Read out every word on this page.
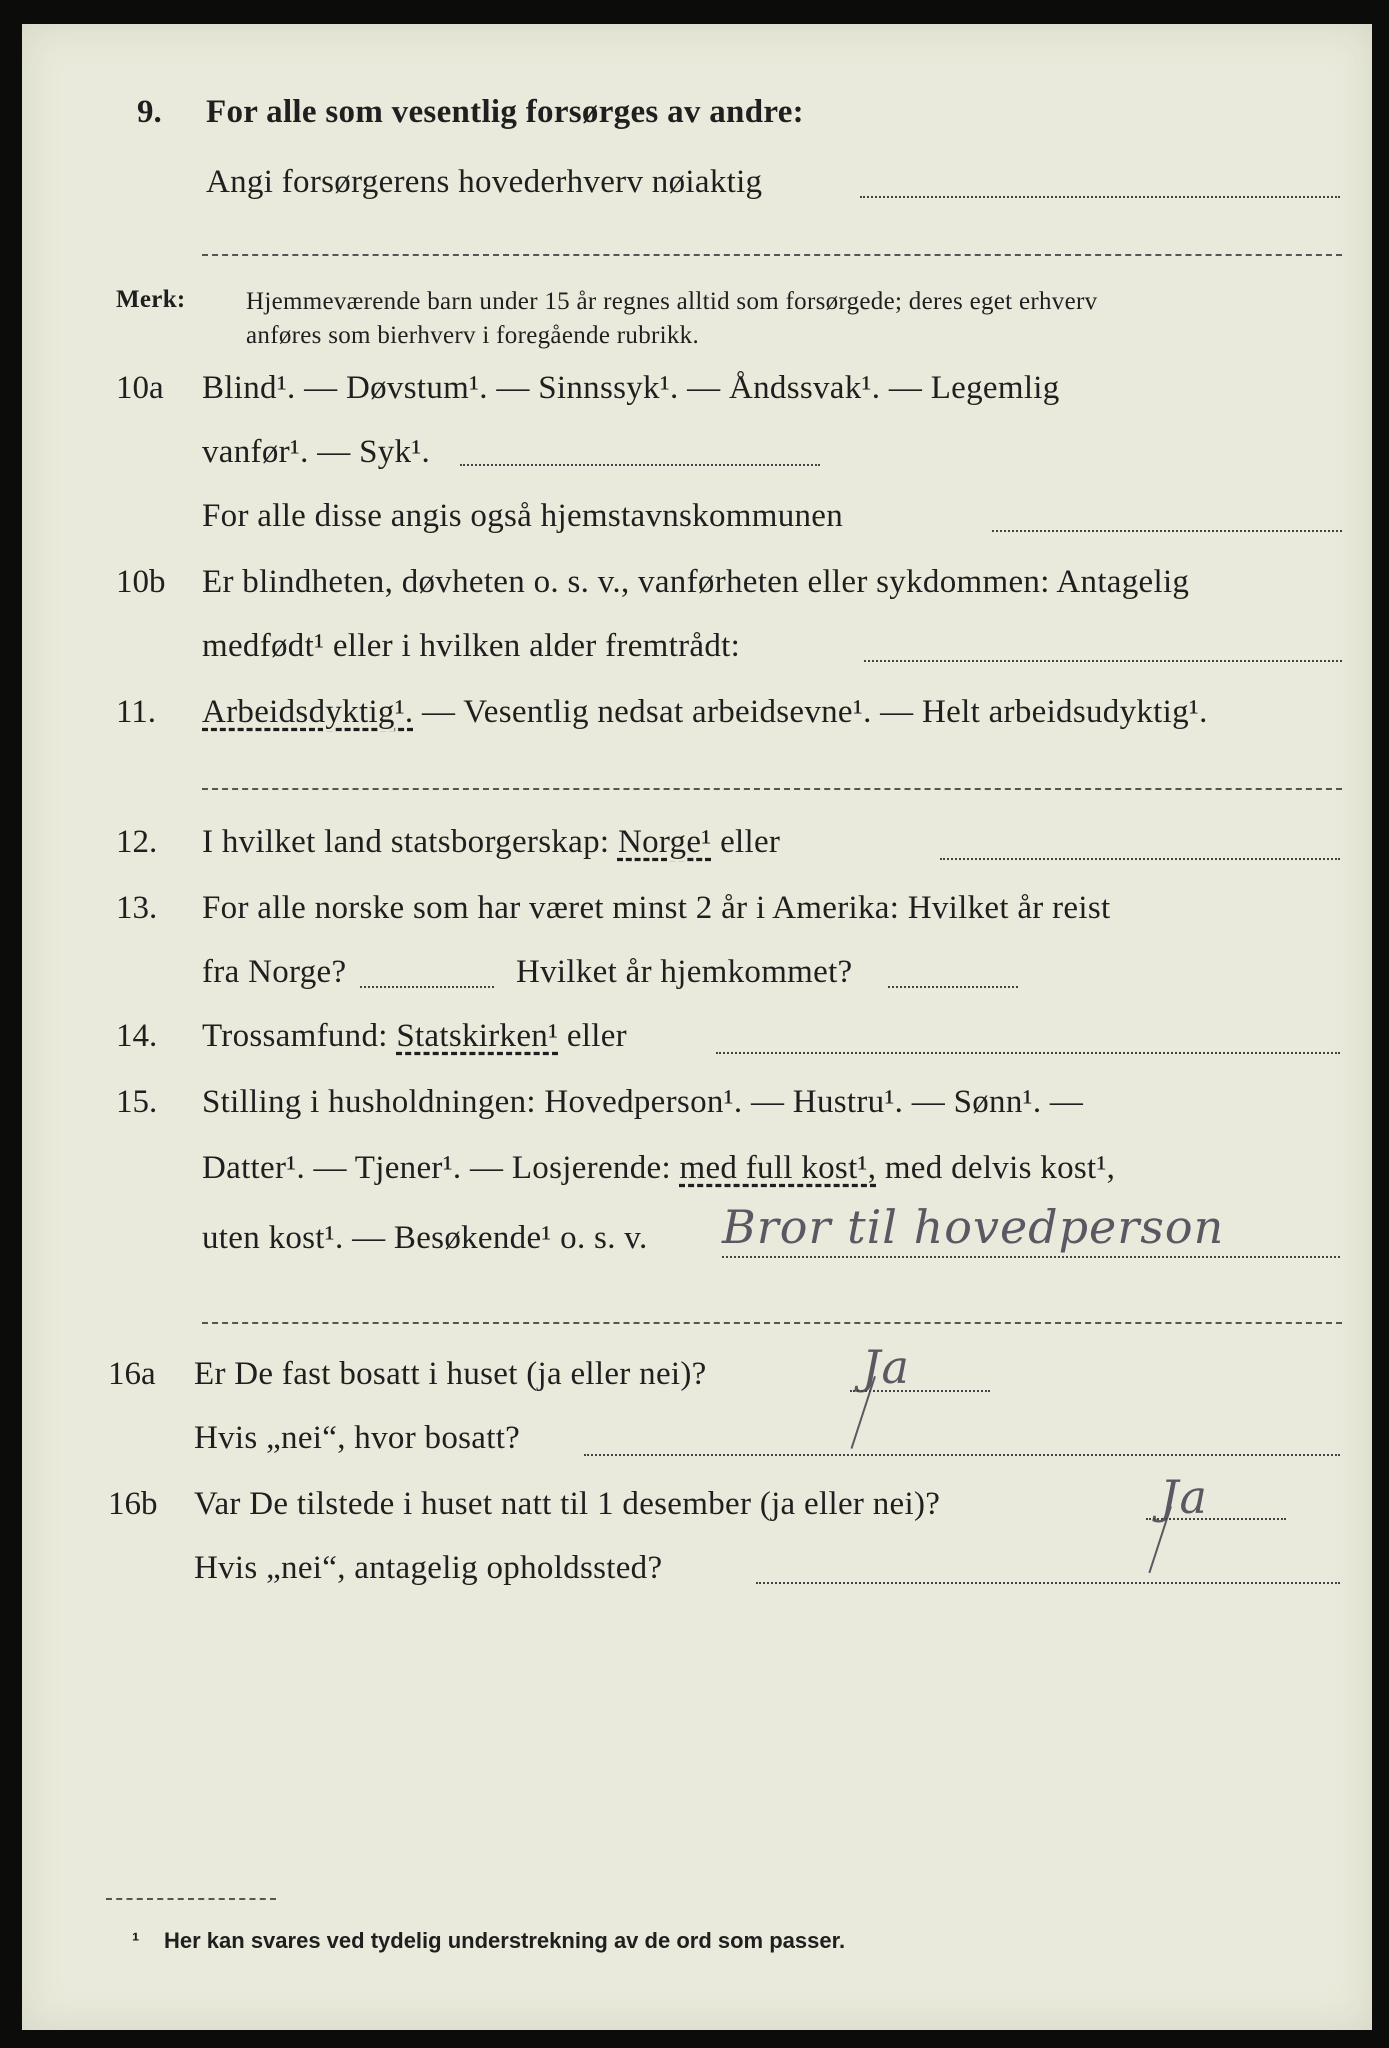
9. For alle som vesentlig forsørges av andre:
Angi forsørgerens hovederhverv nøiaktig
Merk: Hjemmeværende barn under 15 år regnes alltid som forsørgede; deres eget erhverv
anføres som bierhverv i foregående rubrikk.
10a Blind¹. — Døvstum¹. — Sinnssyk¹. — Åndssvak¹. — Legemlig
vanfør¹. — Syk¹.
For alle disse angis også hjemstavnskommunen
10b Er blindheten, døvheten o. s. v., vanførheten eller sykdommen: Antagelig
medfødt¹ eller i hvilken alder fremtrådt:
11. Arbeidsdyktig¹. — Vesentlig nedsat arbeidsevne¹. — Helt arbeidsudyktig¹.
12. I hvilket land statsborgerskap: Norge¹ eller
13. For alle norske som har været minst 2 år i Amerika: Hvilket år reist
fra Norge?	Hvilket år hjemkommet?
14. Trossamfund: Statskirken¹ eller
15. Stilling i husholdningen: Hovedperson¹. — Hustru¹. — Sønn¹. —
Datter¹. — Tjener¹. — Losjerende: med full kost¹, med delvis kost¹,
uten kost¹. — Besøkende¹ o. s. v. Bror til hovedperson
16a Er De fast bosatt i huset (ja eller nei)?	Ja
Hvis „nei“, hvor bosatt?
16b Var De tilstede i huset natt til 1 desember (ja eller nei)?	Ja
Hvis „nei“, antagelig opholdssted?
¹ Her kan svares ved tydelig understrekning av de ord som passer.
